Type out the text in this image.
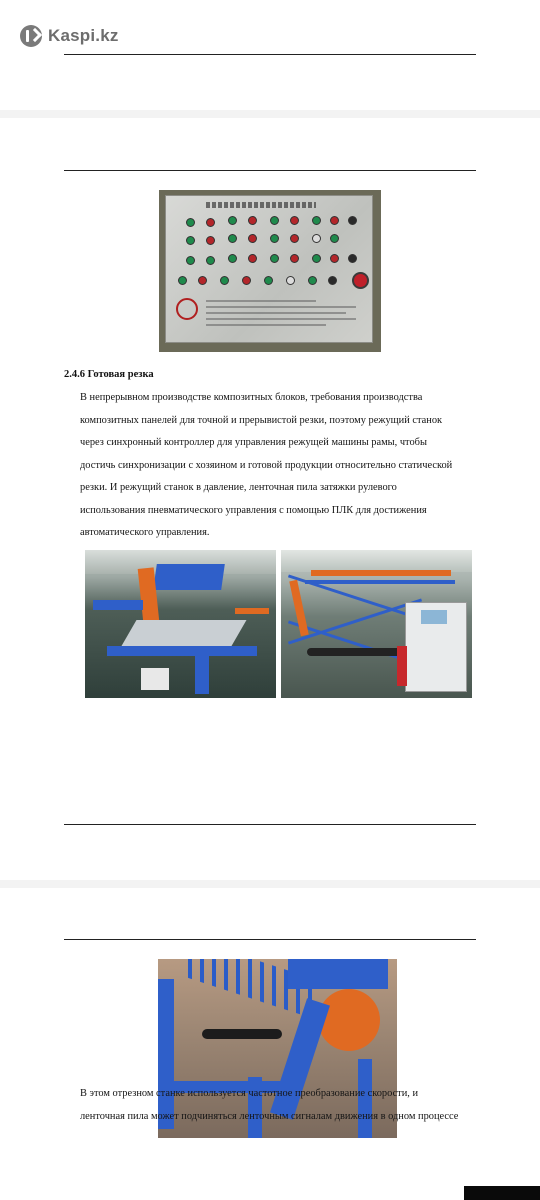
Kaspi.kz
2.4.6 Готовая резка
В непрерывном производстве композитных блоков, требования производства
композитных панелей для точной и прерывистой резки, поэтому режущий станок
через синхронный контроллер для управления режущей машины рамы, чтобы
достичь синхронизации с хозяином и готовой продукции относительно статической
резки. И режущий станок в давление, ленточная пила затяжки рулевого
использования пневматического управления с помощью ПЛК для достижения
автоматического управления.
В этом отрезном станке используется частотное преобразование скорости, и
ленточная пила может подчиняться ленточным сигналам движения в одном процессе
